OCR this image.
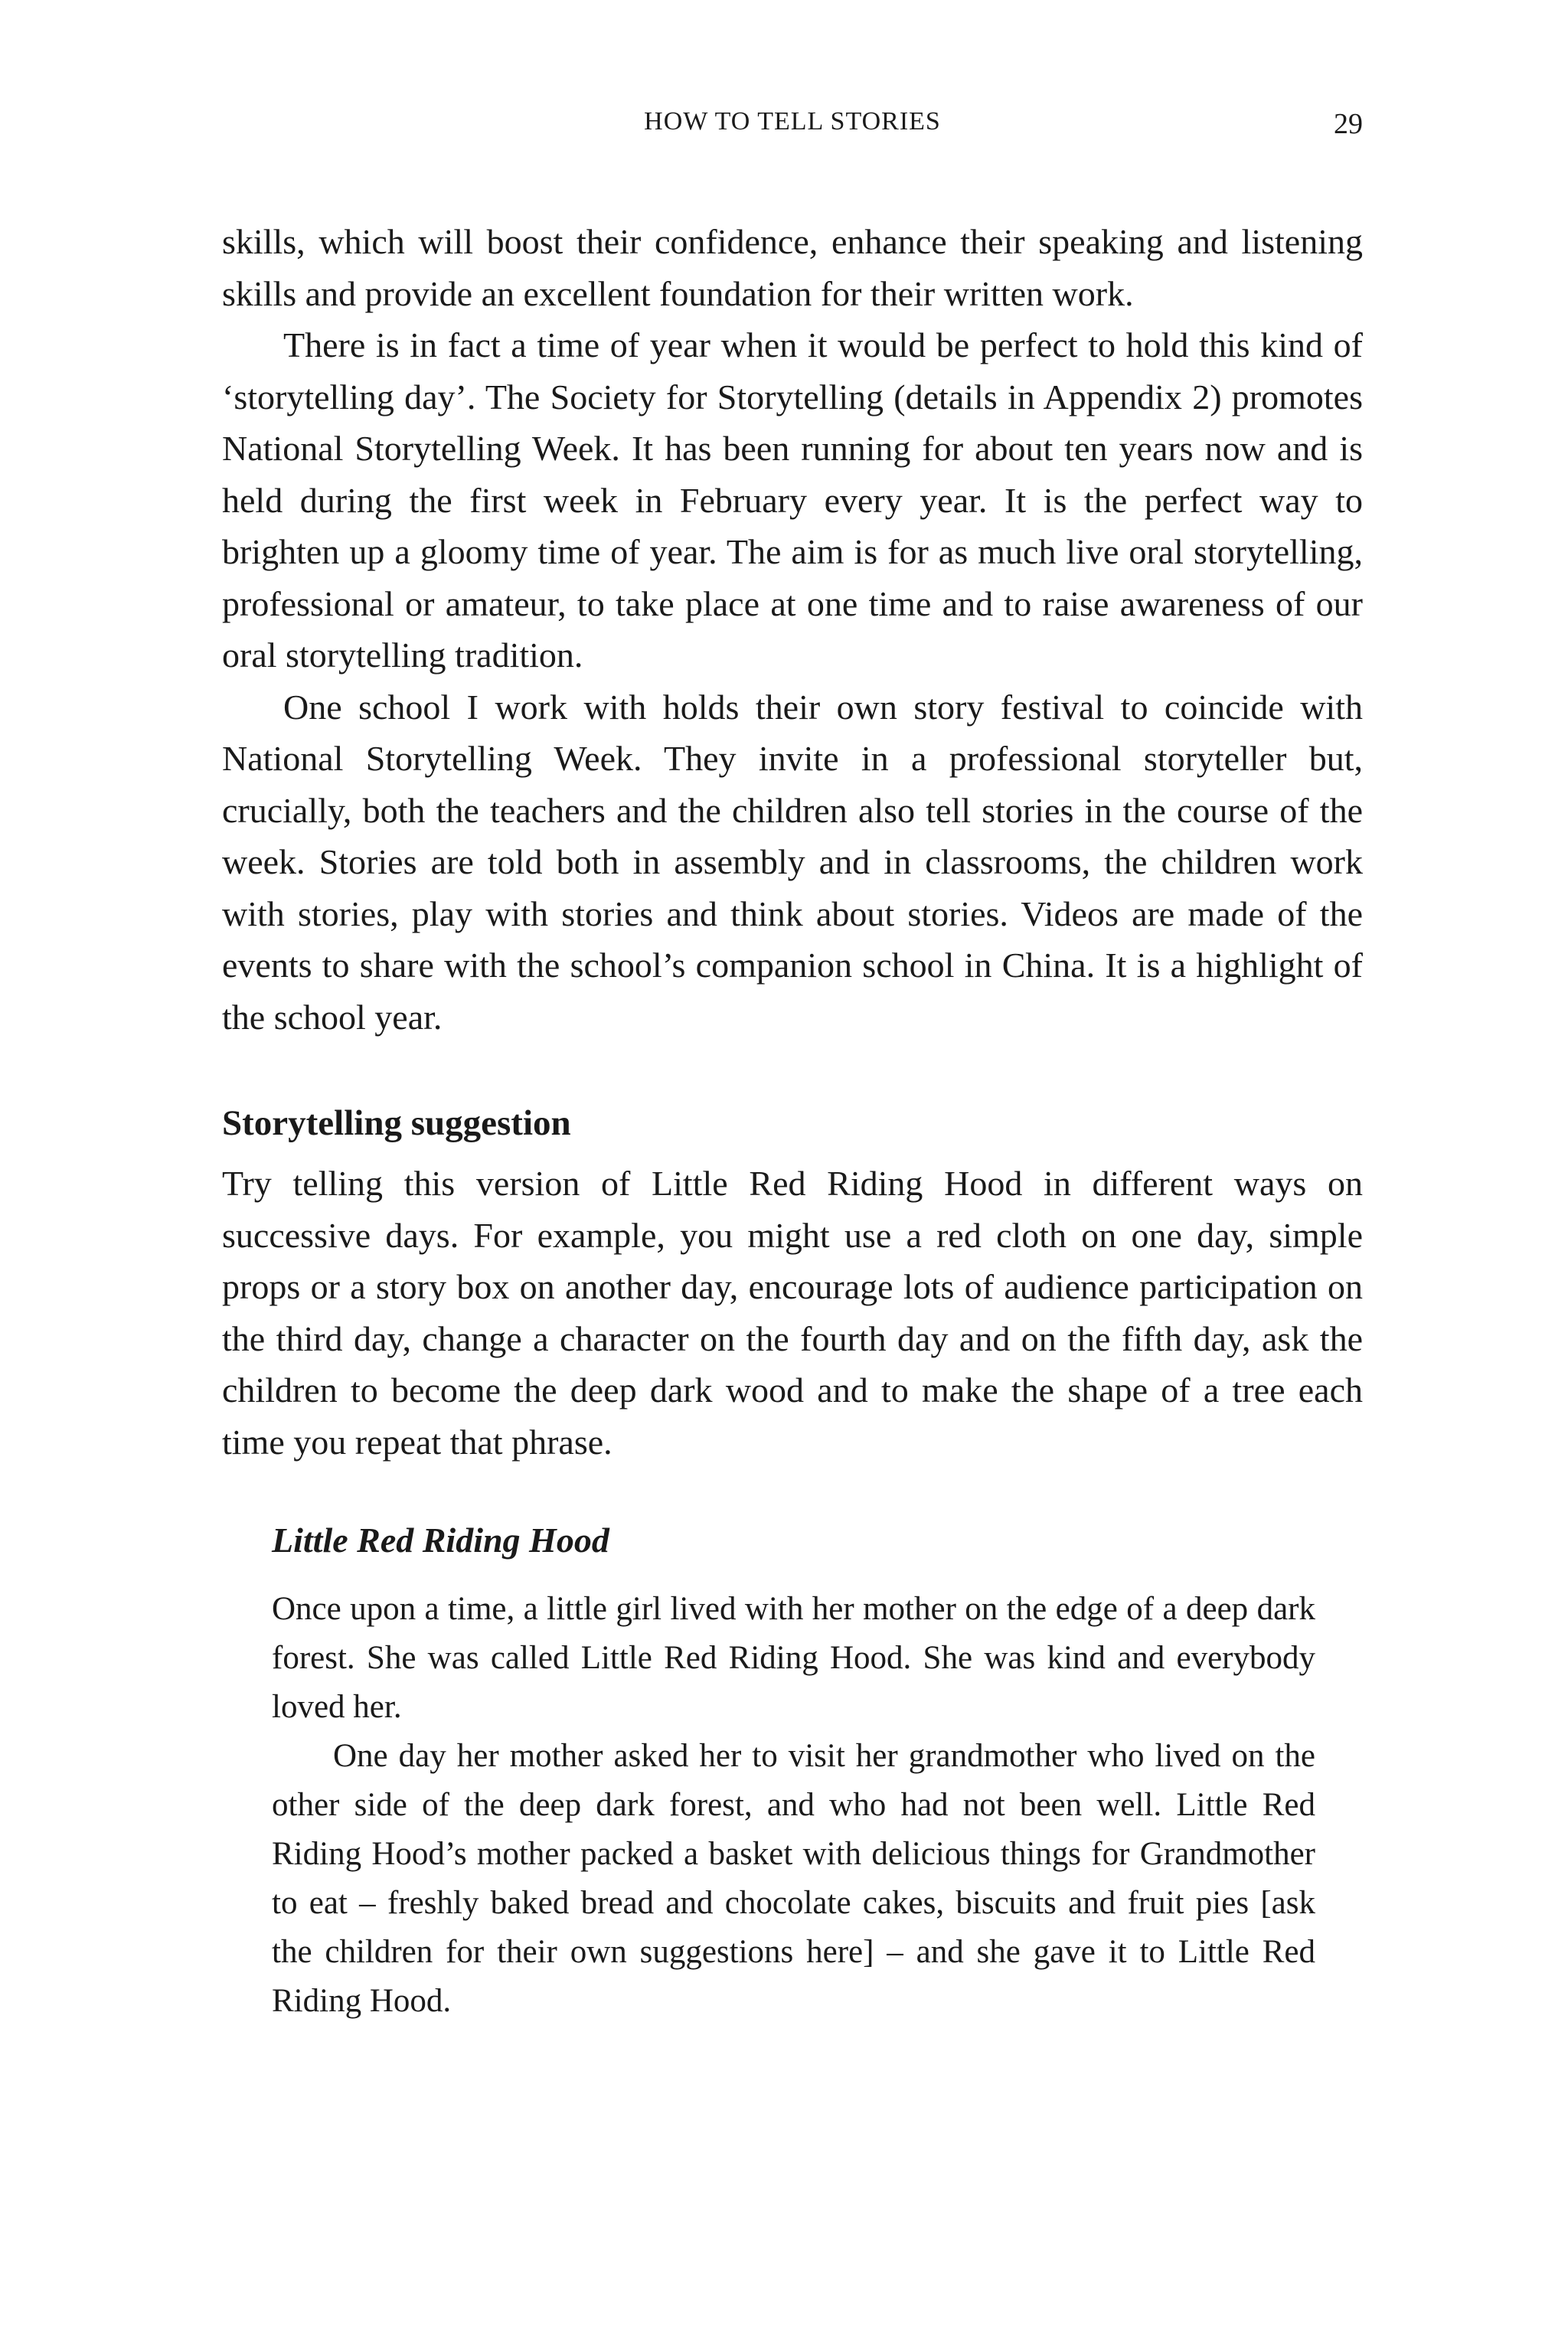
HOW TO TELL STORIES	29

skills, which will boost their confidence, enhance their speaking and listening skills and provide an excellent foundation for their written work.

There is in fact a time of year when it would be perfect to hold this kind of ‘storytelling day’. The Society for Storytelling (details in Appendix 2) promotes National Storytelling Week. It has been running for about ten years now and is held during the first week in February every year. It is the perfect way to brighten up a gloomy time of year. The aim is for as much live oral storytelling, professional or amateur, to take place at one time and to raise awareness of our oral storytelling tradition.

One school I work with holds their own story festival to coincide with National Storytelling Week. They invite in a professional storyteller but, crucially, both the teachers and the children also tell stories in the course of the week. Stories are told both in assembly and in classrooms, the children work with stories, play with stories and think about stories. Videos are made of the events to share with the school’s companion school in China. It is a highlight of the school year.

Storytelling suggestion

Try telling this version of Little Red Riding Hood in different ways on successive days. For example, you might use a red cloth on one day, simple props or a story box on another day, encourage lots of audience participation on the third day, change a character on the fourth day and on the fifth day, ask the children to become the deep dark wood and to make the shape of a tree each time you repeat that phrase.

Little Red Riding Hood

Once upon a time, a little girl lived with her mother on the edge of a deep dark forest. She was called Little Red Riding Hood. She was kind and everybody loved her.

One day her mother asked her to visit her grandmother who lived on the other side of the deep dark forest, and who had not been well. Little Red Riding Hood’s mother packed a basket with delicious things for Grandmother to eat – freshly baked bread and chocolate cakes, biscuits and fruit pies [ask the children for their own suggestions here] – and she gave it to Little Red Riding Hood.
